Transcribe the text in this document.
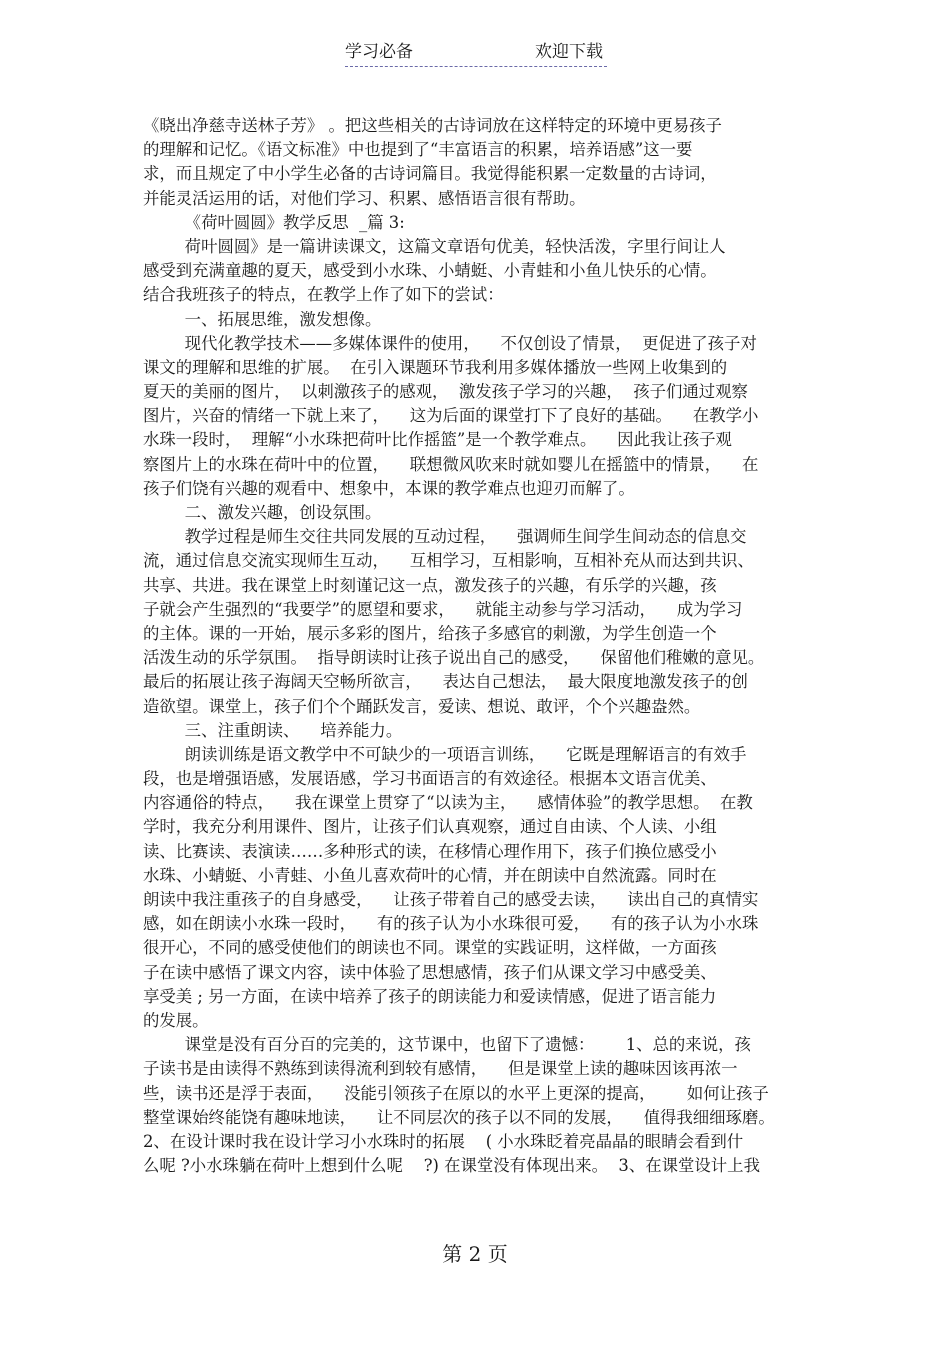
学习必备	欢迎下载
《晓出净慈寺送林子芳》 。把这些相关的古诗词放在这样特定的环境中更易孩子
的理解和记忆。《语文标准》中也提到了“丰富语言的积累，培养语感”这一要
求，而且规定了中小学生必备的古诗词篇目。我觉得能积累一定数量的古诗词，
并能灵活运用的话，对他们学习、积累、感悟语言很有帮助。
《荷叶圆圆》教学反思  _篇 3:
荷叶圆圆》是一篇讲读课文，这篇文章语句优美，轻快活泼，字里行间让人
感受到充满童趣的夏天，感受到小水珠、小蜻蜓、小青蛙和小鱼儿快乐的心情。
结合我班孩子的特点，在教学上作了如下的尝试：
一、拓展思维，激发想像。
现代化教学技术——多媒体课件的使用，    不仅创设了情景，  更促进了孩子对
课文的理解和思维的扩展。  在引入课题环节我利用多媒体播放一些网上收集到的
夏天的美丽的图片，  以刺激孩子的感观，  激发孩子学习的兴趣，  孩子们通过观察
图片，兴奋的情绪一下就上来了，    这为后面的课堂打下了良好的基础。    在教学小
水珠一段时，  理解“小水珠把荷叶比作摇篮”是一个教学难点。    因此我让孩子观
察图片上的水珠在荷叶中的位置，    联想微风吹来时就如婴儿在摇篮中的情景，    在
孩子们饶有兴趣的观看中、想象中，本课的教学难点也迎刃而解了。
二、激发兴趣，创设氛围。
教学过程是师生交往共同发展的互动过程，    强调师生间学生间动态的信息交
流，通过信息交流实现师生互动，    互相学习，互相影响，互相补充从而达到共识、
共享、共进。我在课堂上时刻谨记这一点，激发孩子的兴趣，有乐学的兴趣，孩
子就会产生强烈的“我要学”的愿望和要求，    就能主动参与学习活动，    成为学习
的主体。课的一开始，展示多彩的图片，给孩子多感官的刺激，为学生创造一个
活泼生动的乐学氛围。  指导朗读时让孩子说出自己的感受，    保留他们稚嫩的意见。
最后的拓展让孩子海阔天空畅所欲言，    表达自己想法，  最大限度地激发孩子的创
造欲望。课堂上，孩子们个个踊跃发言，爱读、想说、敢评，个个兴趣盎然。
三、注重朗读、    培养能力。
朗读训练是语文教学中不可缺少的一项语言训练，    它既是理解语言的有效手
段，也是增强语感，发展语感，学习书面语言的有效途径。根据本文语言优美、
内容通俗的特点，    我在课堂上贯穿了“以读为主，    感情体验”的教学思想。  在教
学时，我充分利用课件、图片，让孩子们认真观察，通过自由读、个人读、小组
读、比赛读、表演读……多种形式的读，在移情心理作用下，孩子们换位感受小
水珠、小蜻蜓、小青蛙、小鱼儿喜欢荷叶的心情，并在朗读中自然流露。同时在
朗读中我注重孩子的自身感受，    让孩子带着自己的感受去读，    读出自己的真情实
感，如在朗读小水珠一段时，    有的孩子认为小水珠很可爱，    有的孩子认为小水珠
很开心，不同的感受使他们的朗读也不同。课堂的实践证明，这样做，一方面孩
子在读中感悟了课文内容，读中体验了思想感情，孩子们从课文学习中感受美、
享受美 ; 另一方面，在读中培养了孩子的朗读能力和爱读情感，促进了语言能力
的发展。
课堂是没有百分百的完美的，这节课中，也留下了遗憾：      1、总的来说，孩
子读书是由读得不熟练到读得流利到较有感情，    但是课堂上读的趣味因该再浓一
些，读书还是浮于表面，    没能引领孩子在原以的水平上更深的提高，      如何让孩子
整堂课始终能饶有趣味地读，    让不同层次的孩子以不同的发展，    值得我细细琢磨。
2、在设计课时我在设计学习小水珠时的拓展    ( 小水珠眨着亮晶晶的眼睛会看到什
么呢 ?小水珠躺在荷叶上想到什么呢    ?) 在课堂没有体现出来。  3、在课堂设计上我
第 2 页
